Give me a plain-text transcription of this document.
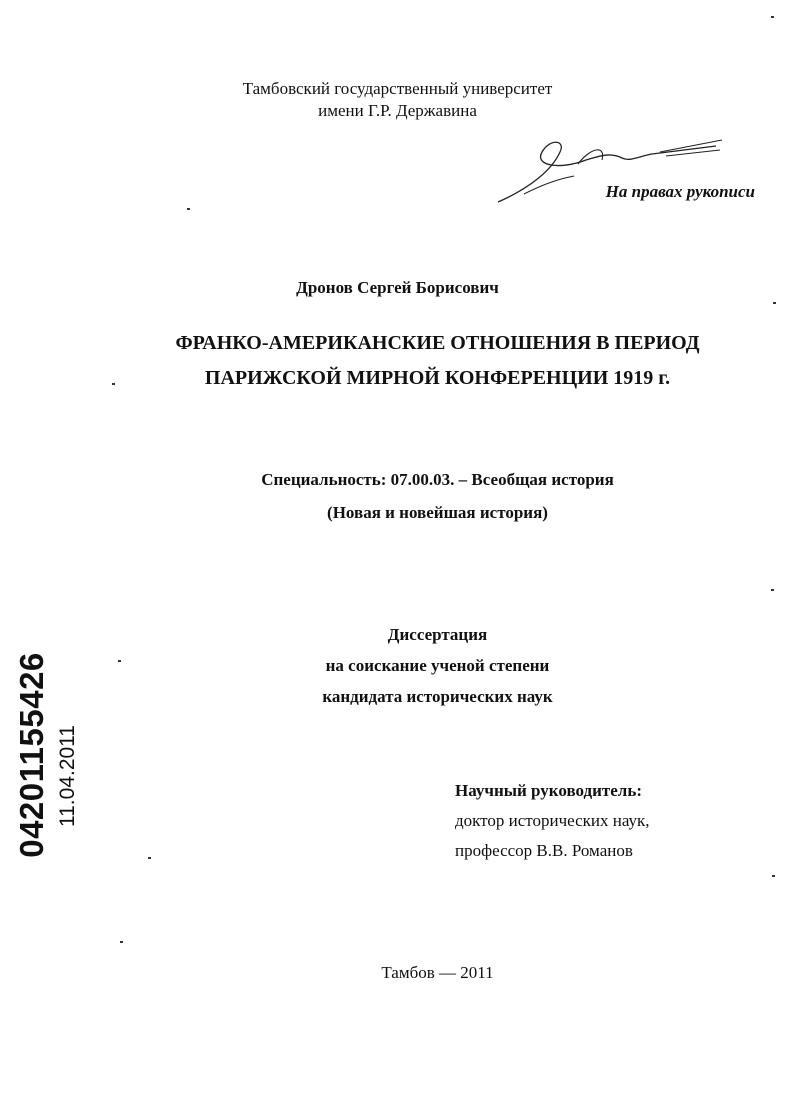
Тамбовский государственный университет
имени Г.Р. Державина
На правах рукописи
Дронов Сергей Борисович
ФРАНКО-АМЕРИКАНСКИЕ ОТНОШЕНИЯ В ПЕРИОД
ПАРИЖСКОЙ МИРНОЙ КОНФЕРЕНЦИИ 1919 г.
Специальность: 07.00.03. – Всеобщая история
(Новая и новейшая история)
Диссертация
на соискание ученой степени
кандидата исторических наук
Научный руководитель:
доктор исторических наук,
профессор В.В. Романов
Тамбов — 2011
04201155426 11.04.2011
